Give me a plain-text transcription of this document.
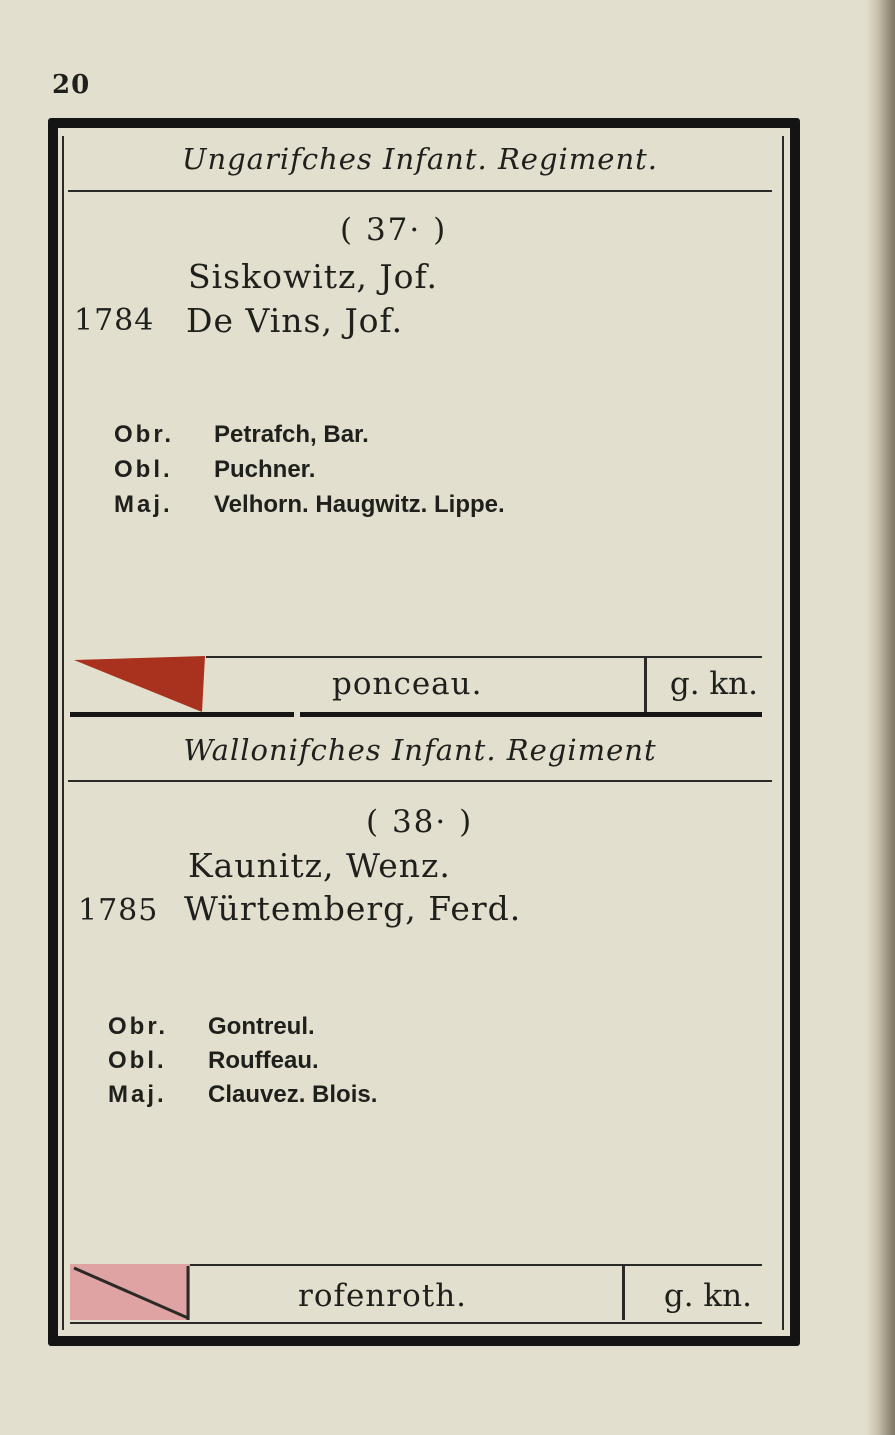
20
Ungarifches Infant. Regiment.
( 37· )
Siskowitz, Jof.
1784 De Vins, Jof.
Obr. Petrafch, Bar.
Obl. Puchner.
Maj. Velhorn. Haugwitz. Lippe.
ponceau.	g. kn.
Wallonifches Infant. Regiment
( 38· )
Kaunitz, Wenz.
1785 Würtemberg, Ferd.
Obr. Gontreul.
Obl. Rouffeau.
Maj. Clauvez. Blois.
rofenroth.	g. kn.
